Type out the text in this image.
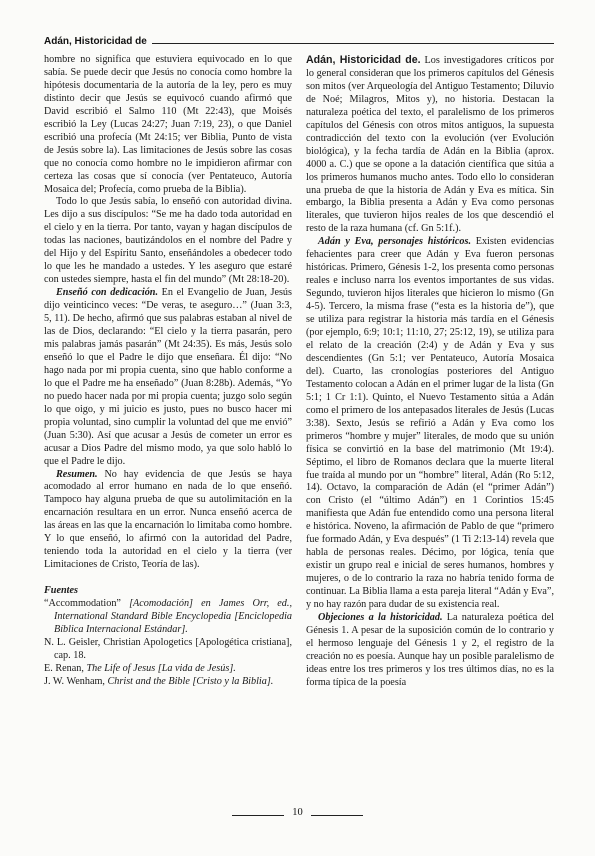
Adán, Historicidad de

hombre no significa que estuviera equivocado en lo que sabía. Se puede decir que Jesús no conocía como hombre la hipótesis documentaria de la autoría de la ley, pero es muy distinto decir que Jesús se equivocó cuando afirmó que David escribió el Salmo 110 (Mt 22:43), que Moisés escribió la Ley (Lucas 24:27; Juan 7:19, 23), o que Daniel escribió una profecía (Mt 24:15; ver Biblia, Punto de vista de Jesús sobre la). Las limitaciones de Jesús sobre las cosas que no conocía como hombre no le impidieron afirmar con certeza las cosas que sí conocía (ver Pentateuco, Autoría Mosaica del; Profecía, como prueba de la Biblia).

Todo lo que Jesús sabía, lo enseñó con autoridad divina. Les dijo a sus discípulos: “Se me ha dado toda autoridad en el cielo y en la tierra. Por tanto, vayan y hagan discípulos de todas las naciones, bautizándolos en el nombre del Padre y del Hijo y del Espíritu Santo, enseñándoles a obedecer todo lo que les he mandado a ustedes. Y les aseguro que estaré con ustedes siempre, hasta el fin del mundo” (Mt 28:18-20).

Enseñó con dedicación. En el Evangelio de Juan, Jesús dijo veinticinco veces: “De veras, te aseguro…” (Juan 3:3, 5, 11). De hecho, afirmó que sus palabras estaban al nivel de las de Dios, declarando: “El cielo y la tierra pasarán, pero mis palabras jamás pasarán” (Mt 24:35). Es más, Jesús solo enseñó lo que el Padre le dijo que enseñara. Él dijo: “No hago nada por mi propia cuenta, sino que hablo conforme a lo que el Padre me ha enseñado” (Juan 8:28b). Además, “Yo no puedo hacer nada por mi propia cuenta; juzgo solo según lo que oigo, y mi juicio es justo, pues no busco hacer mi propia voluntad, sino cumplir la voluntad del que me envió” (Juan 5:30). Así que acusar a Jesús de cometer un error es acusar a Dios Padre del mismo modo, ya que solo habló lo que el Padre le dijo.

Resumen. No hay evidencia de que Jesús se haya acomodado al error humano en nada de lo que enseñó. Tampoco hay alguna prueba de que su autolimitación en la encarnación resultara en un error. Nunca enseñó acerca de las áreas en las que la encarnación lo limitaba como hombre. Y lo que enseñó, lo afirmó con la autoridad del Padre, teniendo toda la autoridad en el cielo y la tierra (ver Limitaciones de Cristo, Teoría de las).

Fuentes

“Accommodation” [Acomodación] en James Orr, ed., International Standard Bible Encyclopedia [Enciclopedia Bíblica Internacional Estándar].

N. L. Geisler, Christian Apologetics [Apologética cristiana], cap. 18.

E. Renan, The Life of Jesus [La vida de Jesús].

J. W. Wenham, Christ and the Bible [Cristo y la Biblia].

Adán, Historicidad de. Los investigadores críticos por lo general consideran que los primeros capítulos del Génesis son mitos (ver Arqueología del Antiguo Testamento; Diluvio de Noé; Milagros, Mitos y), no historia. Destacan la naturaleza poética del texto, el paralelismo de los primeros capítulos del Génesis con otros mitos antiguos, la supuesta contradicción del texto con la evolución (ver Evolución biológica), y la fecha tardía de Adán en la Biblia (aprox. 4000 a. C.) que se opone a la datación científica que sitúa a los primeros humanos mucho antes. Todo ello lo consideran una prueba de que la historia de Adán y Eva es mítica. Sin embargo, la Biblia presenta a Adán y Eva como personas literales, que tuvieron hijos reales de los que descendió el resto de la raza humana (cf. Gn 5:1f.).

Adán y Eva, personajes históricos. Existen evidencias fehacientes para creer que Adán y Eva fueron personas históricas. Primero, Génesis 1-2, los presenta como personas reales e incluso narra los eventos importantes de sus vidas. Segundo, tuvieron hijos literales que hicieron lo mismo (Gn 4-5). Tercero, la misma frase (“esta es la historia de”), que se utiliza para registrar la historia más tardía en el Génesis (por ejemplo, 6:9; 10:1; 11:10, 27; 25:12, 19), se utiliza para el relato de la creación (2:4) y de Adán y Eva y sus descendientes (Gn 5:1; ver Pentateuco, Autoría Mosaica del). Cuarto, las cronologías posteriores del Antiguo Testamento colocan a Adán en el primer lugar de la lista (Gn 5:1; 1 Cr 1:1). Quinto, el Nuevo Testamento sitúa a Adán como el primero de los antepasados literales de Jesús (Lucas 3:38). Sexto, Jesús se refirió a Adán y Eva como los primeros “hombre y mujer” literales, de modo que su unión física se convirtió en la base del matrimonio (Mt 19:4). Séptimo, el libro de Romanos declara que la muerte literal fue traída al mundo por un “hombre” literal, Adán (Ro 5:12, 14). Octavo, la comparación de Adán (el “primer Adán”) con Cristo (el “último Adán”) en 1 Corintios 15:45 manifiesta que Adán fue entendido como una persona literal e histórica. Noveno, la afirmación de Pablo de que “primero fue formado Adán, y Eva después” (1 Ti 2:13-14) revela que habla de personas reales. Décimo, por lógica, tenía que existir un grupo real e inicial de seres humanos, hombres y mujeres, o de lo contrario la raza no habría tenido forma de continuar. La Biblia llama a esta pareja literal “Adán y Eva”, y no hay razón para dudar de su existencia real.

Objeciones a la historicidad. La naturaleza poética del Génesis 1. A pesar de la suposición común de lo contrario y el hermoso lenguaje del Génesis 1 y 2, el registro de la creación no es poesía. Aunque hay un posible paralelismo de ideas entre los tres primeros y los tres últimos días, no es la forma típica de la poesía

10
